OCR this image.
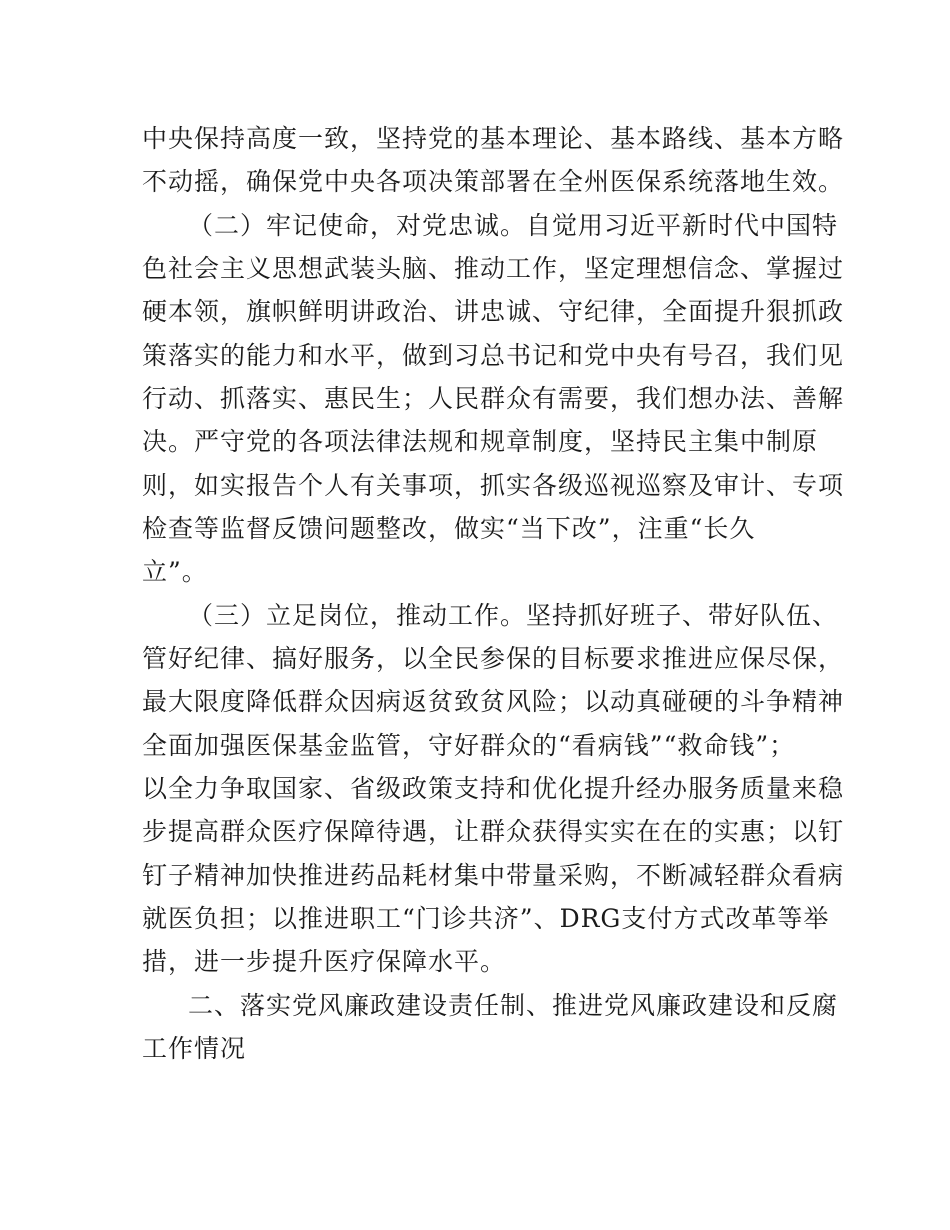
中央保持高度一致，坚持党的基本理论、基本路线、基本方略
不动摇，确保党中央各项决策部署在全州医保系统落地生效。
（二）牢记使命，对党忠诚。自觉用习近平新时代中国特
色社会主义思想武装头脑、推动工作，坚定理想信念、掌握过
硬本领，旗帜鲜明讲政治、讲忠诚、守纪律，全面提升狠抓政
策落实的能力和水平，做到习总书记和党中央有号召，我们见
行动、抓落实、惠民生；人民群众有需要，我们想办法、善解
决。严守党的各项法律法规和规章制度，坚持民主集中制原
则，如实报告个人有关事项，抓实各级巡视巡察及审计、专项
检查等监督反馈问题整改，做实“当下改”，注重“长久
立”。
（三）立足岗位，推动工作。坚持抓好班子、带好队伍、
管好纪律、搞好服务，以全民参保的目标要求推进应保尽保，
最大限度降低群众因病返贫致贫风险；以动真碰硬的斗争精神
全面加强医保基金监管，守好群众的“看病钱”“救命钱”；
以全力争取国家、省级政策支持和优化提升经办服务质量来稳
步提高群众医疗保障待遇，让群众获得实实在在的实惠；以钉
钉子精神加快推进药品耗材集中带量采购，不断减轻群众看病
就医负担；以推进职工“门诊共济”、DRG支付方式改革等举
措，进一步提升医疗保障水平。
二、落实党风廉政建设责任制、推进党风廉政建设和反腐
工作情况
